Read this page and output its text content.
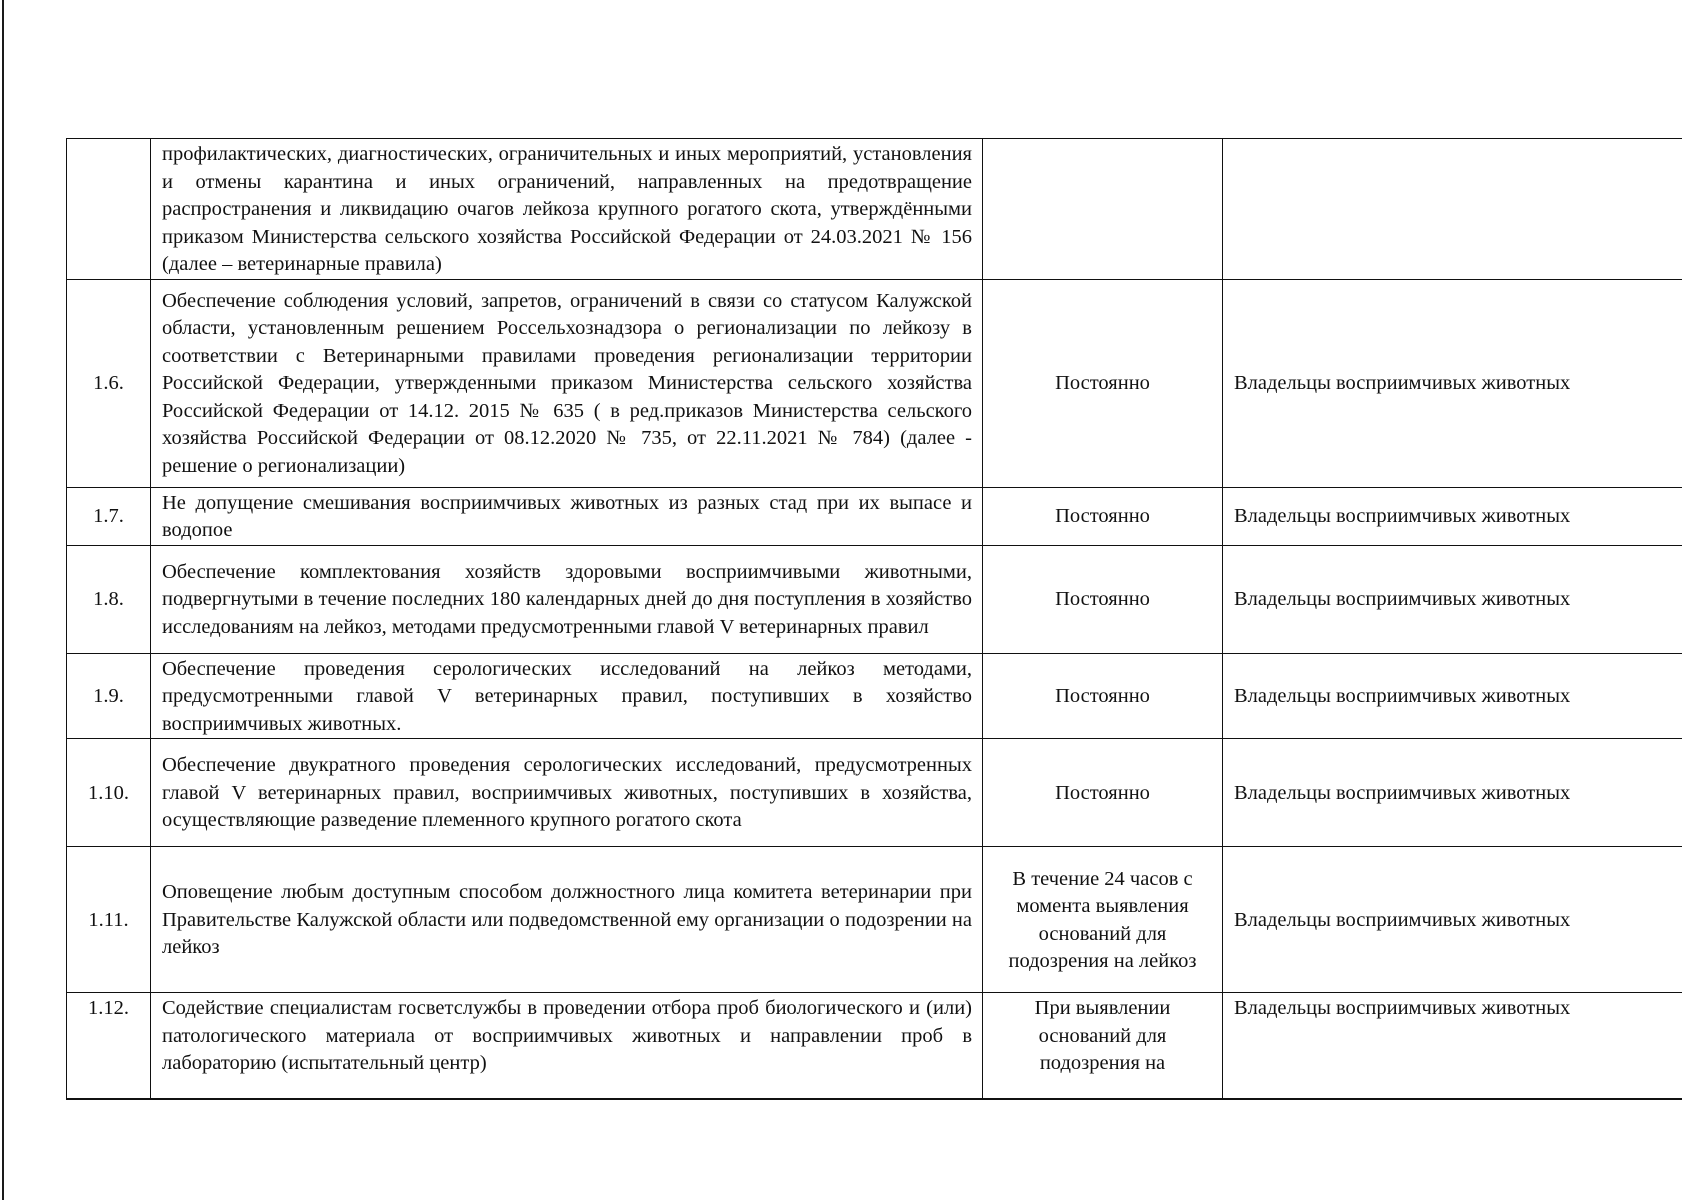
	профилактических, диагностических, ограничительных и иных мероприятий, установления и отмены карантина и иных ограничений, направленных на предотвращение распространения и ликвидацию очагов лейкоза крупного рогатого скота, утверждёнными приказом Министерства сельского хозяйства Российской Федерации от 24.03.2021 № 156 (далее – ветеринарные правила)		
1.6.	Обеспечение соблюдения условий, запретов, ограничений в связи со статусом Калужской области, установленным решением Россельхознадзора о регионализации по лейкозу в соответствии с Ветеринарными правилами проведения регионализации территории Российской Федерации, утвержденными приказом Министерства сельского хозяйства Российской Федерации от 14.12. 2015 № 635 ( в ред.приказов Министерства сельского хозяйства Российской Федерации от 08.12.2020 № 735, от 22.11.2021 № 784) (далее - решение о регионализации)	Постоянно	Владельцы восприимчивых животных
1.7.	Не допущение смешивания восприимчивых животных из разных стад при их выпасе и водопое	Постоянно	Владельцы восприимчивых животных
1.8.	Обеспечение комплектования хозяйств здоровыми восприимчивыми животными, подвергнутыми в течение последних 180 календарных дней до дня поступления в хозяйство исследованиям на лейкоз, методами предусмотренными главой V ветеринарных правил	Постоянно	Владельцы восприимчивых животных
1.9.	Обеспечение проведения серологических исследований на лейкоз методами, предусмотренными главой V ветеринарных правил, поступивших в хозяйство восприимчивых животных.	Постоянно	Владельцы восприимчивых животных
1.10.	Обеспечение двукратного проведения серологических исследований, предусмотренных главой V ветеринарных правил, восприимчивых животных, поступивших в хозяйства, осуществляющие разведение племенного крупного рогатого скота	Постоянно	Владельцы восприимчивых животных
1.11.	Оповещение любым доступным способом должностного лица комитета ветеринарии при Правительстве Калужской области или подведомственной ему организации о подозрении на лейкоз	В течение 24 часов с момента выявления оснований для подозрения на лейкоз	Владельцы восприимчивых животных
1.12.	Содействие специалистам госветслужбы в проведении отбора проб биологического и (или) патологического материала от восприимчивых животных и направлении проб в лабораторию (испытательный центр)	При выявлении оснований для подозрения на	Владельцы восприимчивых животных
